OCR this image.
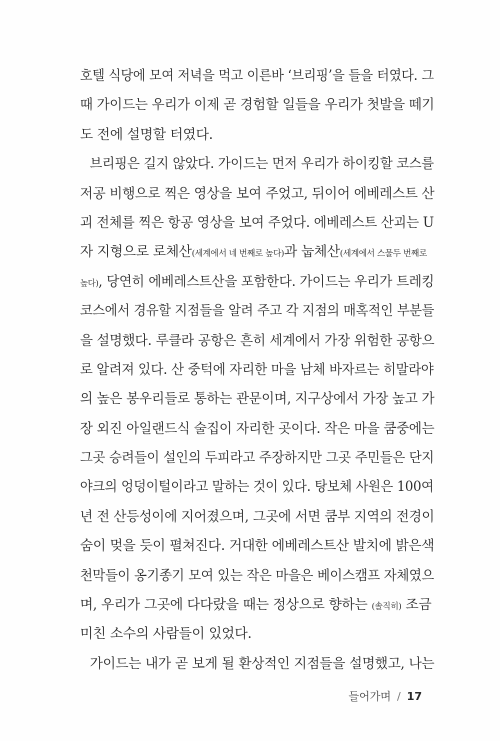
호텔 식당에 모여 저녁을 먹고 이른바 ‘브리핑’을 들을 터였다. 그
때 가이드는 우리가 이제 곧 경험할 일들을 우리가 첫발을 떼기
도 전에 설명할 터였다.
브리핑은 길지 않았다. 가이드는 먼저 우리가 하이킹할 코스를
저공 비행으로 찍은 영상을 보여 주었고, 뒤이어 에베레스트 산
괴 전체를 찍은 항공 영상을 보여 주었다. 에베레스트 산괴는 U
자 지형으로 로체산(세계에서 네 번째로 높다)과 눕체산(세계에서 스물두 번째로
높다), 당연히 에베레스트산을 포함한다. 가이드는 우리가 트레킹
코스에서 경유할 지점들을 알려 주고 각 지점의 매혹적인 부분들
을 설명했다. 루클라 공항은 흔히 세계에서 가장 위험한 공항으
로 알려져 있다. 산 중턱에 자리한 마을 남체 바자르는 히말라야
의 높은 봉우리들로 통하는 관문이며, 지구상에서 가장 높고 가
장 외진 아일랜드식 술집이 자리한 곳이다. 작은 마을 쿰중에는
그곳 승려들이 설인의 두피라고 주장하지만 그곳 주민들은 단지
야크의 엉덩이털이라고 말하는 것이 있다. 탕보체 사원은 100여
년 전 산등성이에 지어졌으며, 그곳에 서면 쿰부 지역의 전경이
숨이 멎을 듯이 펼쳐진다. 거대한 에베레스트산 발치에 밝은색
천막들이 옹기종기 모여 있는 작은 마을은 베이스캠프 자체였으
며, 우리가 그곳에 다다랐을 때는 정상으로 향하는 (솔직히) 조금
미친 소수의 사람들이 있었다.
가이드는 내가 곧 보게 될 환상적인 지점들을 설명했고, 나는
들어가며 / 17
